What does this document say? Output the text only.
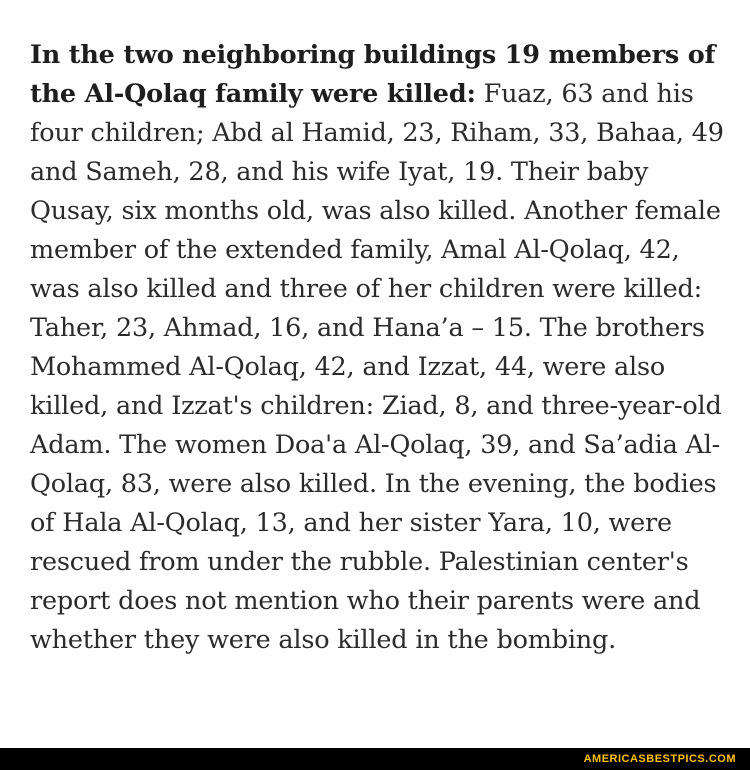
In the two neighboring buildings 19 members of the Al-Qolaq family were killed: Fuaz, 63 and his four children; Abd al Hamid, 23, Riham, 33, Bahaa, 49 and Sameh, 28, and his wife Iyat, 19. Their baby Qusay, six months old, was also killed. Another female member of the extended family, Amal Al-Qolaq, 42, was also killed and three of her children were killed: Taher, 23, Ahmad, 16, and Hana’a – 15. The brothers Mohammed Al-Qolaq, 42, and Izzat, 44, were also killed, and Izzat's children: Ziad, 8, and three-year-old Adam. The women Doa'a Al-Qolaq, 39, and Sa’adia Al-Qolaq, 83, were also killed. In the evening, the bodies of Hala Al-Qolaq, 13, and her sister Yara, 10, were rescued from under the rubble. Palestinian center's report does not mention who their parents were and whether they were also killed in the bombing.

AMERICASBESTPICS.COM
